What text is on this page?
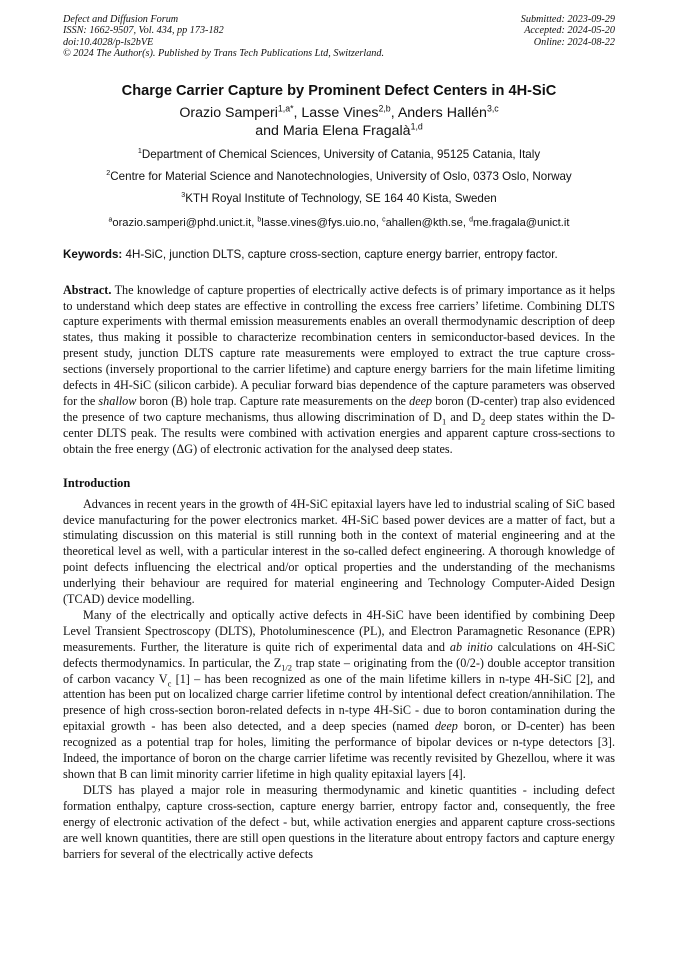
Defect and Diffusion Forum
ISSN: 1662-9507, Vol. 434, pp 173-182
doi:10.4028/p-ls2bVE
© 2024 The Author(s). Published by Trans Tech Publications Ltd, Switzerland.
Submitted: 2023-09-29
Accepted: 2024-05-20
Online: 2024-08-22
Charge Carrier Capture by Prominent Defect Centers in 4H-SiC
Orazio Samperi$^{1,a*}$, Lasse Vines$^{2,b}$, Anders Hallén$^{3,c}$
and Maria Elena Fragalà$^{1,d}$
$^1$Department of Chemical Sciences, University of Catania, 95125 Catania, Italy
$^2$Centre for Material Science and Nanotechnologies, University of Oslo, 0373 Oslo, Norway
$^3$KTH Royal Institute of Technology, SE 164 40 Kista, Sweden
$^a$orazio.samperi@phd.unict.it, $^b$lasse.vines@fys.uio.no, $^c$ahallen@kth.se, $^d$me.fragala@unict.it
Keywords: 4H-SiC, junction DLTS, capture cross-section, capture energy barrier, entropy factor.
Abstract. The knowledge of capture properties of electrically active defects is of primary importance as it helps to understand which deep states are effective in controlling the excess free carriers’ lifetime. Combining DLTS capture experiments with thermal emission measurements enables an overall thermodynamic description of deep states, thus making it possible to characterize recombination centers in semiconductor-based devices. In the present study, junction DLTS capture rate measurements were employed to extract the true capture cross-sections (inversely proportional to the carrier lifetime) and capture energy barriers for the main lifetime limiting defects in 4H-SiC (silicon carbide). A peculiar forward bias dependence of the capture parameters was observed for the shallow boron (B) hole trap. Capture rate measurements on the deep boron (D-center) trap also evidenced the presence of two capture mechanisms, thus allowing discrimination of $D_1$ and $D_2$ deep states within the D-center DLTS peak. The results were combined with activation energies and apparent capture cross-sections to obtain the free energy (ΔG) of electronic activation for the analysed deep states.
Introduction

Advances in recent years in the growth of 4H-SiC epitaxial layers have led to industrial scaling of SiC based device manufacturing for the power electronics market. 4H-SiC based power devices are a matter of fact, but a stimulating discussion on this material is still running both in the context of material engineering and at the theoretical level as well, with a particular interest in the so-called defect engineering. A thorough knowledge of point defects influencing the electrical and/or optical properties and the understanding of the mechanisms underlying their behaviour are required for material engineering and Technology Computer-Aided Design (TCAD) device modelling.

Many of the electrically and optically active defects in 4H-SiC have been identified by combining Deep Level Transient Spectroscopy (DLTS), Photoluminescence (PL), and Electron Paramagnetic Resonance (EPR) measurements. Further, the literature is quite rich of experimental data and ab initio calculations on 4H-SiC defects thermodynamics. In particular, the $Z_{1/2}$ trap state – originating from the (0/2-) double acceptor transition of carbon vacancy $V_c$ [1] – has been recognized as one of the main lifetime killers in n-type 4H-SiC [2], and attention has been put on localized charge carrier lifetime control by intentional defect creation/annihilation. The presence of high cross-section boron-related defects in n-type 4H-SiC - due to boron contamination during the epitaxial growth - has been also detected, and a deep species (named deep boron, or D-center) has been recognized as a potential trap for holes, limiting the performance of bipolar devices or n-type detectors [3]. Indeed, the importance of boron on the charge carrier lifetime was recently revisited by Ghezellou, where it was shown that B can limit minority carrier lifetime in high quality epitaxial layers [4].

DLTS has played a major role in measuring thermodynamic and kinetic quantities - including defect formation enthalpy, capture cross-section, capture energy barrier, entropy factor and, consequently, the free energy of electronic activation of the defect - but, while activation energies and apparent capture cross-sections are well known quantities, there are still open questions in the literature about entropy factors and capture energy barriers for several of the electrically active defects
